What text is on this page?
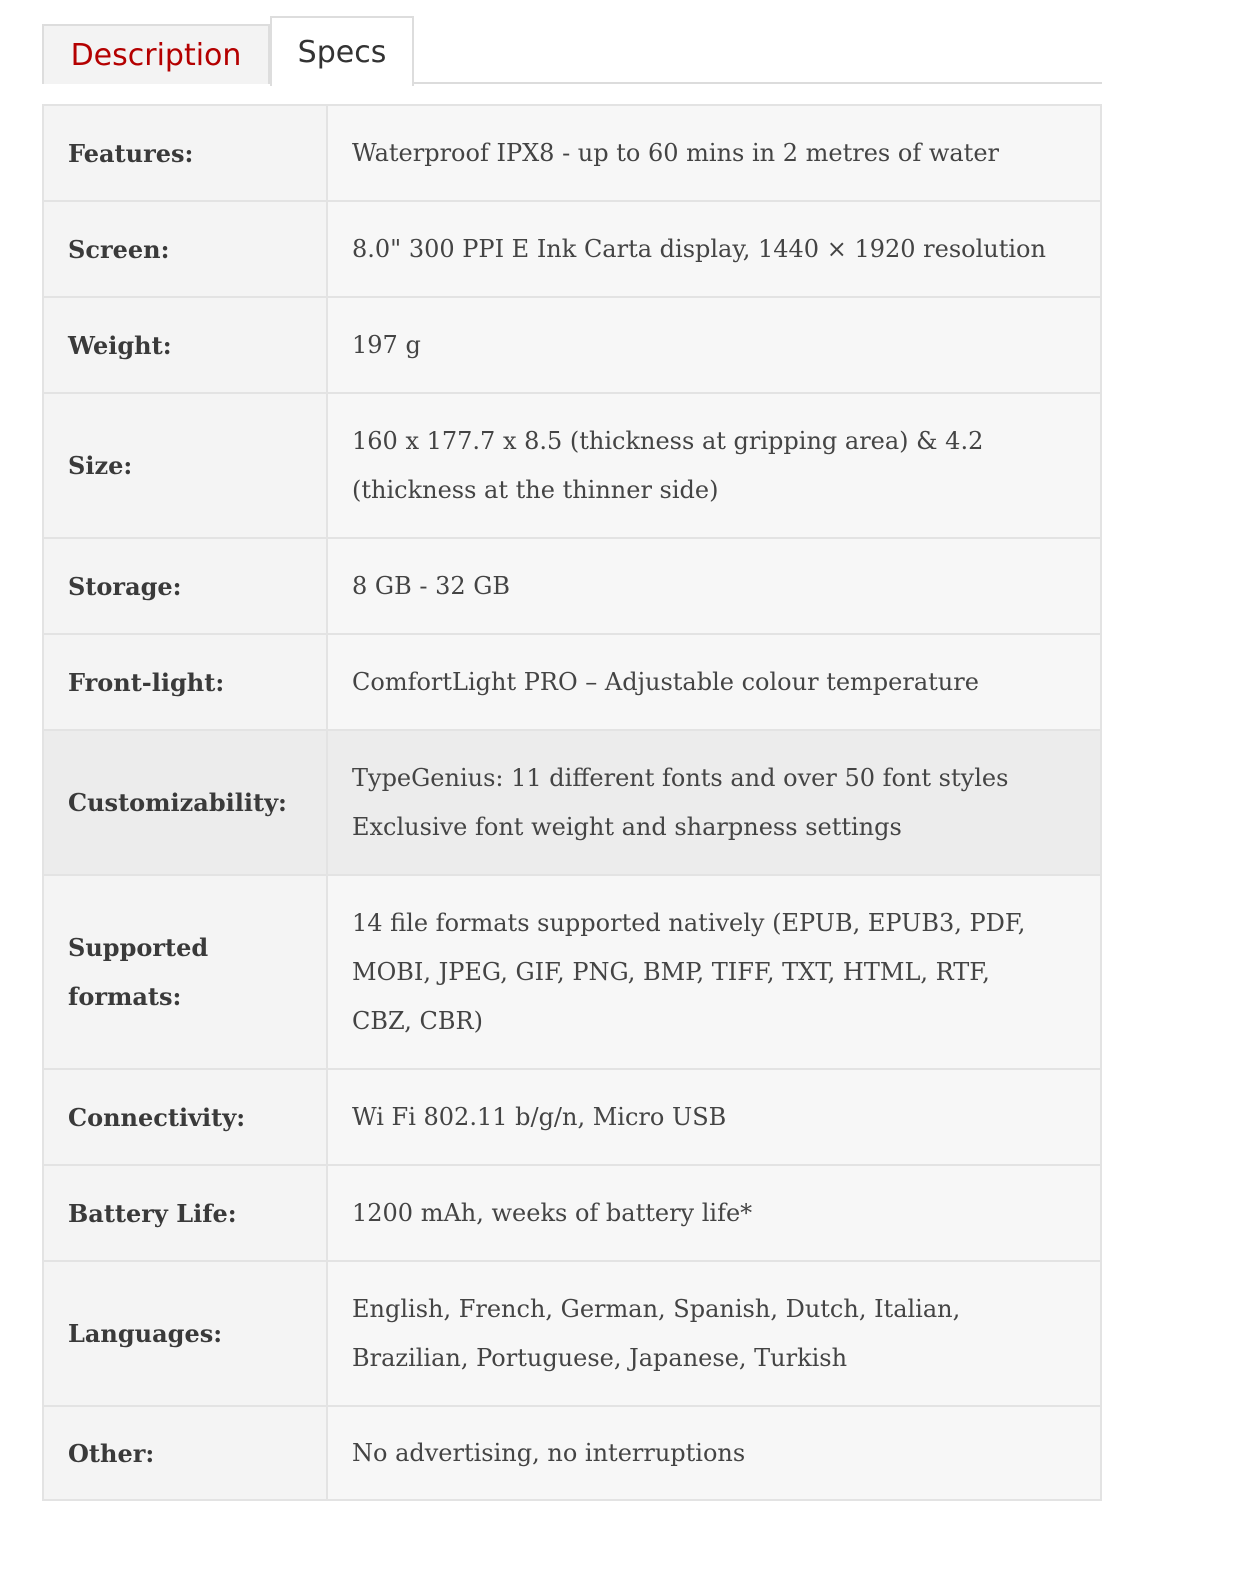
Description	Specs
Features:	Waterproof IPX8 - up to 60 mins in 2 metres of water
Screen:	8.0" 300 PPI E Ink Carta display, 1440 × 1920 resolution
Weight:	197 g
Size:	160 x 177.7 x 8.5 (thickness at gripping area) & 4.2
(thickness at the thinner side)
Storage:	8 GB - 32 GB
Front-light:	ComfortLight PRO – Adjustable colour temperature
Customizability:	TypeGenius: 11 different fonts and over 50 font styles
Exclusive font weight and sharpness settings
Supported
formats:	14 file formats supported natively (EPUB, EPUB3, PDF,
MOBI, JPEG, GIF, PNG, BMP, TIFF, TXT, HTML, RTF,
CBZ, CBR)
Connectivity:	Wi Fi 802.11 b/g/n, Micro USB
Battery Life:	1200 mAh, weeks of battery life*
Languages:	English, French, German, Spanish, Dutch, Italian,
Brazilian, Portuguese, Japanese, Turkish
Other:	No advertising, no interruptions
